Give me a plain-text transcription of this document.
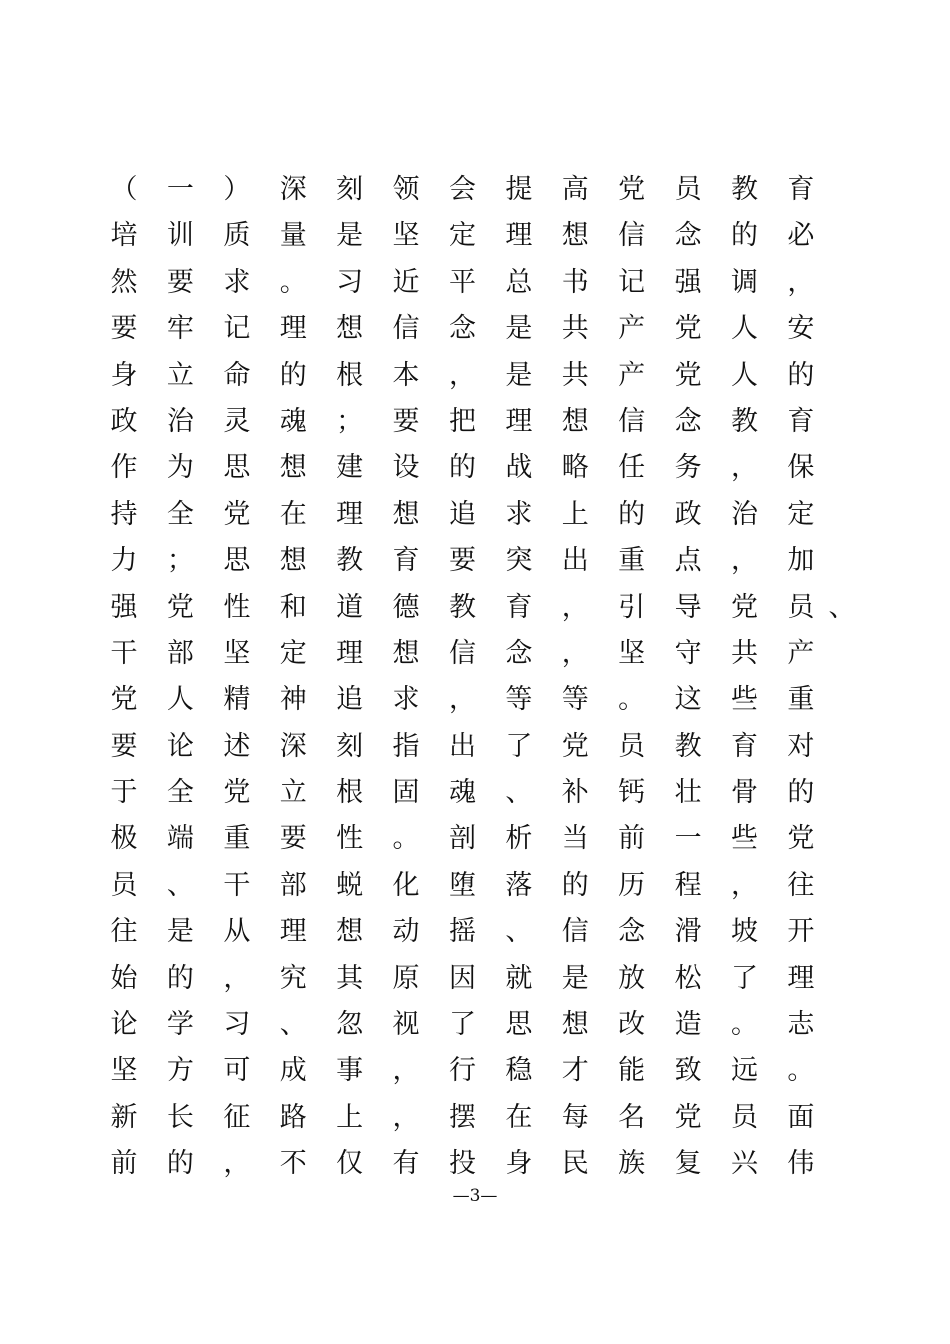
（ 一 ） 深 刻 领 会 提 高 党 员 教 育
培 训 质 量 是 坚 定 理 想 信 念 的 必
然 要 求 。 习 近 平 总 书 记 强 调 ，
要 牢 记 理 想 信 念 是 共 产 党 人 安
身 立 命 的 根 本 ， 是 共 产 党 人 的
政 治 灵 魂 ； 要 把 理 想 信 念 教 育
作 为 思 想 建 设 的 战 略 任 务 ， 保
持 全 党 在 理 想 追 求 上 的 政 治 定
力 ； 思 想 教 育 要 突 出 重 点 ， 加
强 党 性 和 道 德 教 育 ， 引 导 党 员 、
干 部 坚 定 理 想 信 念 ， 坚 守 共 产
党 人 精 神 追 求 ， 等 等 。 这 些 重
要 论 述 深 刻 指 出 了 党 员 教 育 对
于 全 党 立 根 固 魂 、 补 钙 壮 骨 的
极 端 重 要 性 。 剖 析 当 前 一 些 党
员 、 干 部 蜕 化 堕 落 的 历 程 ， 往
往 是 从 理 想 动 摇 、 信 念 滑 坡 开
始 的 ， 究 其 原 因 就 是 放 松 了 理
论 学 习 、 忽 视 了 思 想 改 造 。 志
坚 方 可 成 事 ， 行 稳 才 能 致 远 。
新 长 征 路 上 ， 摆 在 每 名 党 员 面
前 的 ， 不 仅 有 投 身 民 族 复 兴 伟
—3—
